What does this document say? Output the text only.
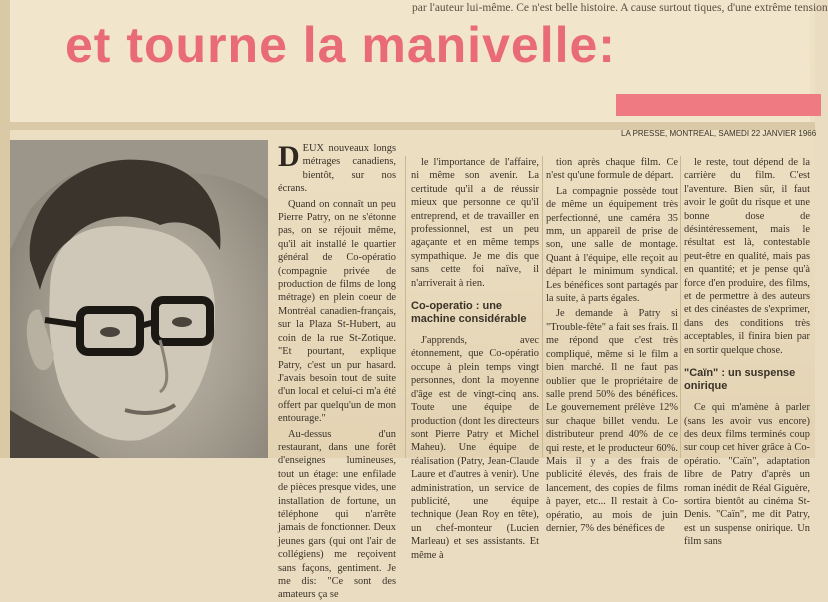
par l'auteur lui-même. Ce n'est belle histoire. A cause surtout tiques, d'une extrême tension
et tourne la manivelle:
LA PRESSE, MONTREAL, SAMEDI 22 JANVIER 1966

DEUX nouveaux longs métrages canadiens, bientôt, sur nos écrans.

Quand on connaît un peu Pierre Patry, on ne s'étonne pas, on se réjouit même, qu'il ait installé le quartier général de Co-opératio (compagnie privée de production de films de long métrage) en plein coeur de Montréal canadien-français, sur la Plaza St-Hubert, au coin de la rue St-Zotique. "Et pourtant, explique Patry, c'est un pur hasard. J'avais besoin tout de suite d'un local et celui-ci m'a été offert par quelqu'un de mon entourage."

Au-dessus d'un restaurant, dans une forêt d'enseignes lumineuses, tout un étage: une enfilade de pièces presque vides, une installation de fortune, un téléphone qui n'arrête jamais de fonctionner. Deux jeunes gars (qui ont l'air de collégiens) me reçoivent sans façons, gentiment. Je me dis: "Ce sont des amateurs ça se

le l'importance de l'affaire, ni même son avenir. La certitude qu'il a de réussir mieux que personne ce qu'il entreprend, et de travailler en professionnel, est un peu agaçante et en même temps sympathique. Je me dis que sans cette foi naïve, il n'arriverait à rien.

Co-operatio : une machine considérable

J'apprends, avec étonnement, que Co-opératio occupe à plein temps vingt personnes, dont la moyenne d'âge est de vingt-cinq ans. Toute une équipe de production (dont les directeurs sont Pierre Patry et Michel Maheu). Une équipe de réalisation (Patry, Jean-Claude Laure et d'autres à venir). Une administration, un service de publicité, une équipe technique (Jean Roy en tête), un chef-monteur (Lucien Marleau) et ses assistants. Et même à

tion après chaque film. Ce n'est qu'une formule de départ.

La compagnie possède tout de même un équipement très perfectionné, une caméra 35 mm, un appareil de prise de son, une salle de montage. Quant à l'équipe, elle reçoit au départ le minimum syndical. Les bénéfices sont partagés par la suite, à parts égales.

Je demande à Patry si "Trouble-fête" a fait ses frais. Il me répond que c'est très compliqué, même si le film a bien marché. Il ne faut pas oublier que le propriétaire de salle prend 50% des bénéfices. Le gouvernement prélève 12% sur chaque billet vendu. Le distributeur prend 40% de ce qui reste, et le producteur 60%. Mais il y a des frais de publicité élevés, des frais de lancement, des copies de films à payer, etc... Il restait à Co-opératio, au mois de juin dernier, 7% des bénéfices de

le reste, tout dépend de la carrière du film. C'est l'aventure. Bien sûr, il faut avoir le goût du risque et une bonne dose de désintéressement, mais le résultat est là, contestable peut-être en qualité, mais pas en quantité; et je pense qu'à force d'en produire, des films, et de permettre à des auteurs et des cinéastes de s'exprimer, dans des conditions très acceptables, il finira bien par en sortir quelque chose.

"Caïn" : un suspense onirique

Ce qui m'amène à parler (sans les avoir vus encore) des deux films terminés coup sur coup cet hiver grâce à Co-opératio. "Caïn", adaptation libre de Patry d'après un roman inédit de Réal Giguère, sortira bientôt au cinéma St-Denis. "Caïn", me dit Patry, est un suspense onirique. Un film sans
